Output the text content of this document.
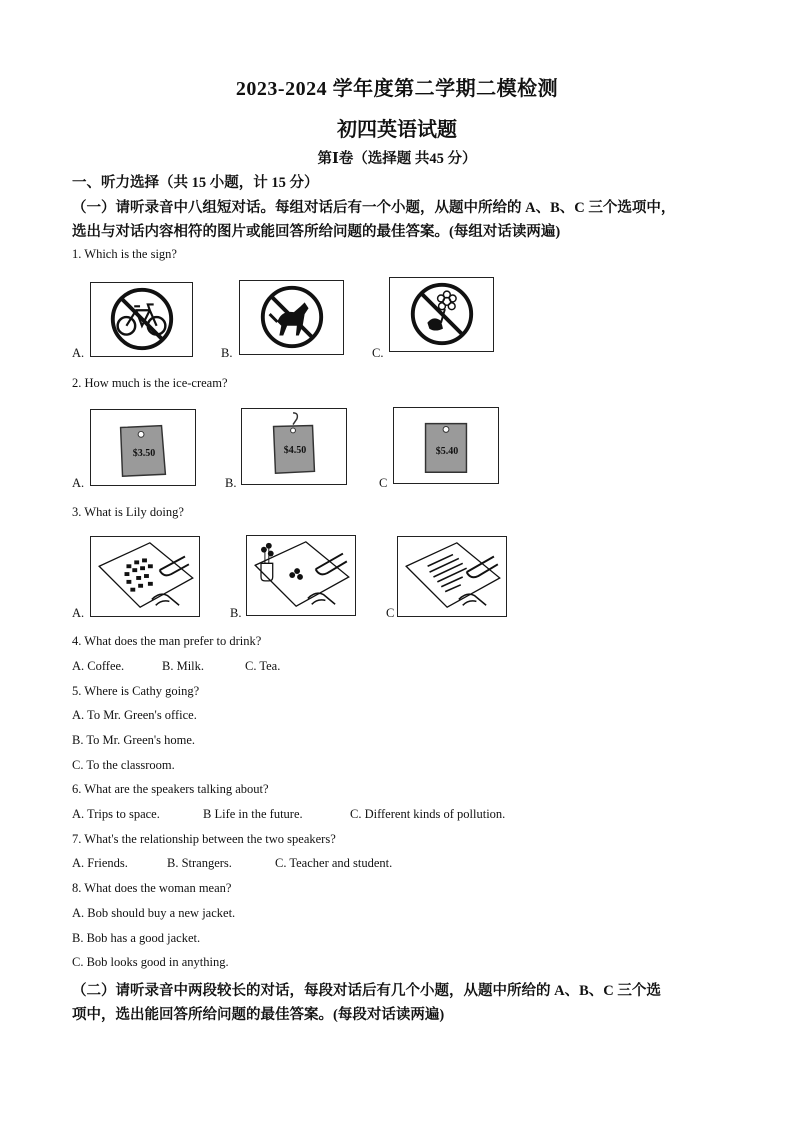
2023-2024 学年度第二学期二模检测
初四英语试题
第Ⅰ卷（选择题 共45 分）
一、听力选择（共 15 小题，计 15 分）
（一）请听录音中八组短对话。每组对话后有一个小题，从题中所给的 A、B、C 三个选项中，
选出与对话内容相符的图片或能回答所给问题的最佳答案。(每组对话读两遍)
1. Which is the sign?
A.	B.	C.
2. How much is the ice-cream?
A.	B.	C
$3.50	$4.50	$5.40
3. What is Lily doing?
A.	B.	C
4. What does the man prefer to drink?
A. Coffee.	B. Milk.	C. Tea.
5. Where is Cathy going?
A. To Mr. Green's office.
B. To Mr. Green's home.
C. To the classroom.
6. What are the speakers talking about?
A. Trips to space.	B Life in the future.	C. Different kinds of pollution.
7. What's the relationship between the two speakers?
A. Friends.	B. Strangers.	C. Teacher and student.
8. What does the woman mean?
A. Bob should buy a new jacket.
B. Bob has a good jacket.
C. Bob looks good in anything.
（二）请听录音中两段较长的对话，每段对话后有几个小题，从题中所给的 A、B、C 三个选
项中，选出能回答所给问题的最佳答案。(每段对话读两遍)
